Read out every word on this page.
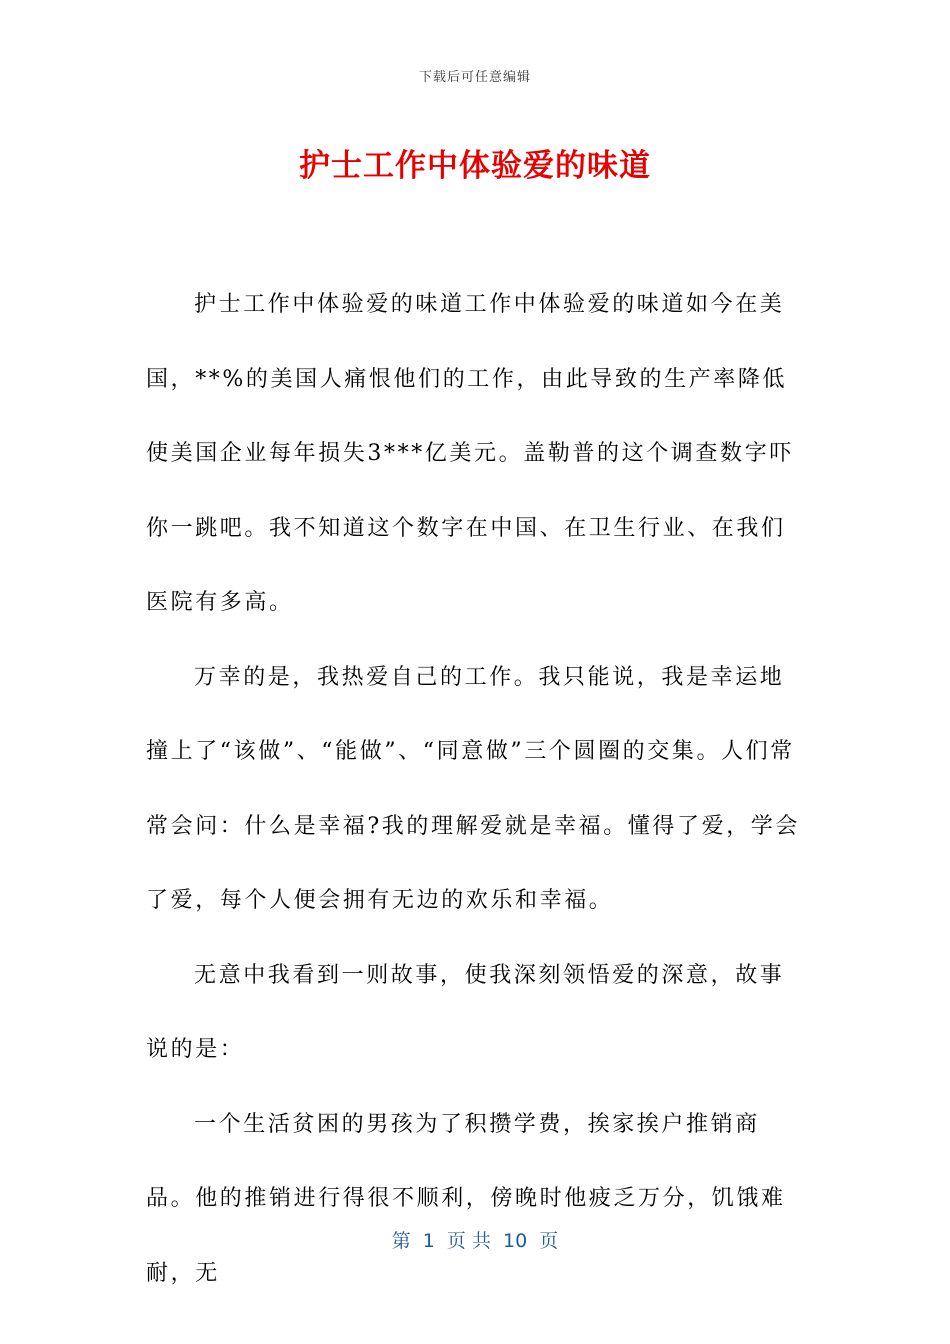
下载后可任意编辑
护士工作中体验爱的味道

护士工作中体验爱的味道工作中体验爱的味道如今在美国，**%的美国人痛恨他们的工作，由此导致的生产率降低使美国企业每年损失3***亿美元。盖勒普的这个调查数字吓你一跳吧。我不知道这个数字在中国、在卫生行业、在我们医院有多高。

万幸的是，我热爱自己的工作。我只能说，我是幸运地撞上了“该做”、“能做”、“同意做”三个圆圈的交集。人们常常会问：什么是幸福?我的理解爱就是幸福。懂得了爱，学会了爱，每个人便会拥有无边的欢乐和幸福。

无意中我看到一则故事，使我深刻领悟爱的深意，故事说的是：

一个生活贫困的男孩为了积攒学费，挨家挨户推销商品。他的推销进行得很不顺利，傍晚时他疲乏万分，饥饿难耐，无

第  1  页 共  10  页
